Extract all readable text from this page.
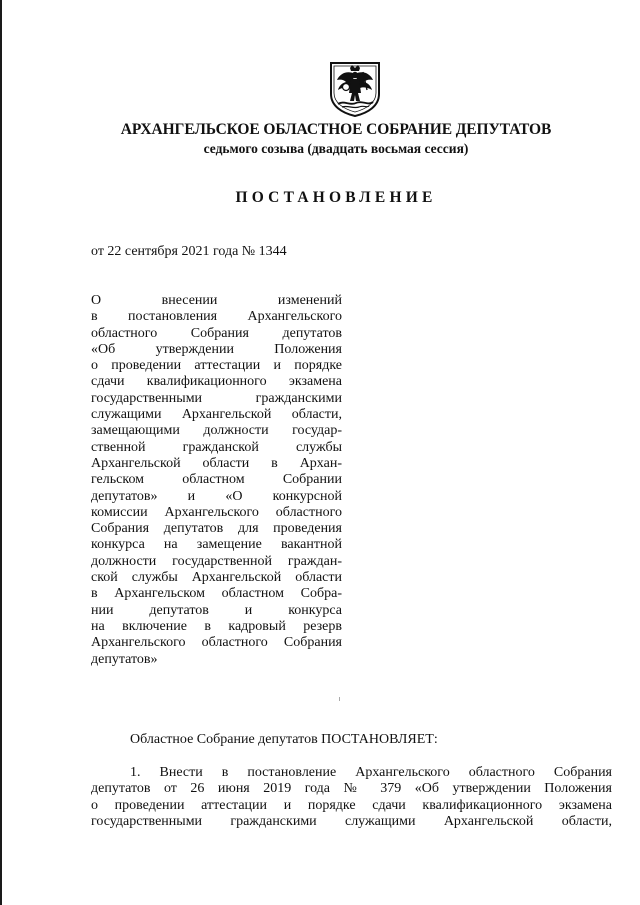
АРХАНГЕЛЬСКОЕ ОБЛАСТНОЕ СОБРАНИЕ ДЕПУТАТОВ
седьмого созыва (двадцать восьмая сессия)
ПОСТАНОВЛЕНИЕ
от 22 сентября 2021 года № 1344
О внесении изменений
в постановления Архангельского
областного Собрания депутатов
«Об утверждении Положения
о проведении аттестации и порядке
сдачи квалификационного экзамена
государственными гражданскими
служащими Архангельской области,
замещающими должности государ-
ственной гражданской службы
Архангельской области в Архан-
гельском областном Собрании
депутатов» и «О конкурсной
комиссии Архангельского областного
Собрания депутатов для проведения
конкурса на замещение вакантной
должности государственной граждан-
ской службы Архангельской области
в Архангельском областном Собра-
нии депутатов и конкурса
на включение в кадровый резерв
Архангельского областного Собрания
депутатов»
Областное Собрание депутатов ПОСТАНОВЛЯЕТ:
1. Внести в постановление Архангельского областного Собрания
депутатов от 26 июня 2019 года № 379 «Об утверждении Положения
о проведении аттестации и порядке сдачи квалификационного экзамена
государственными гражданскими служащими Архангельской области,
